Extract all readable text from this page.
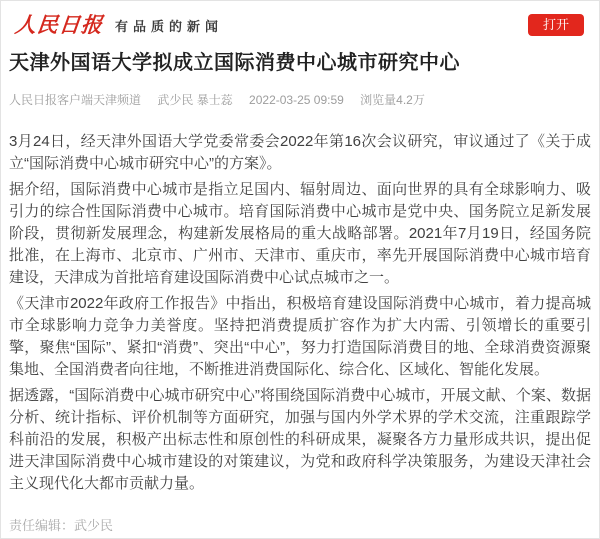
人民日报 有品质的新闻	打开
天津外国语大学拟成立国际消费中心城市研究中心
人民日报客户端天津频道 武少民 暴士蕊 2022-03-25 09:59 浏览量4.2万

3月24日，经天津外国语大学党委常委会2022年第16次会议研究，审议通过了《关于成立“国际消费中心城市研究中心”的方案》。

据介绍，国际消费中心城市是指立足国内、辐射周边、面向世界的具有全球影响力、吸引力的综合性国际消费中心城市。培育国际消费中心城市是党中央、国务院立足新发展阶段，贯彻新发展理念，构建新发展格局的重大战略部署。2021年7月19日，经国务院批准，在上海市、北京市、广州市、天津市、重庆市，率先开展国际消费中心城市培育建设，天津成为首批培育建设国际消费中心试点城市之一。

《天津市2022年政府工作报告》中指出，积极培育建设国际消费中心城市，着力提高城市全球影响力竞争力美誉度。坚持把消费提质扩容作为扩大内需、引领增长的重要引擎，聚焦“国际”、紧扣“消费”、突出“中心”，努力打造国际消费目的地、全球消费资源聚集地、全国消费者向往地，不断推进消费国际化、综合化、区域化、智能化发展。

据透露，“国际消费中心城市研究中心”将围绕国际消费中心城市，开展文献、个案、数据分析、统计指标、评价机制等方面研究，加强与国内外学术界的学术交流，注重跟踪学科前沿的发展，积极产出标志性和原创性的科研成果，凝聚各方力量形成共识，提出促进天津国际消费中心城市建设的对策建议，为党和政府科学决策服务，为建设天津社会主义现代化大都市贡献力量。

责任编辑：武少民
